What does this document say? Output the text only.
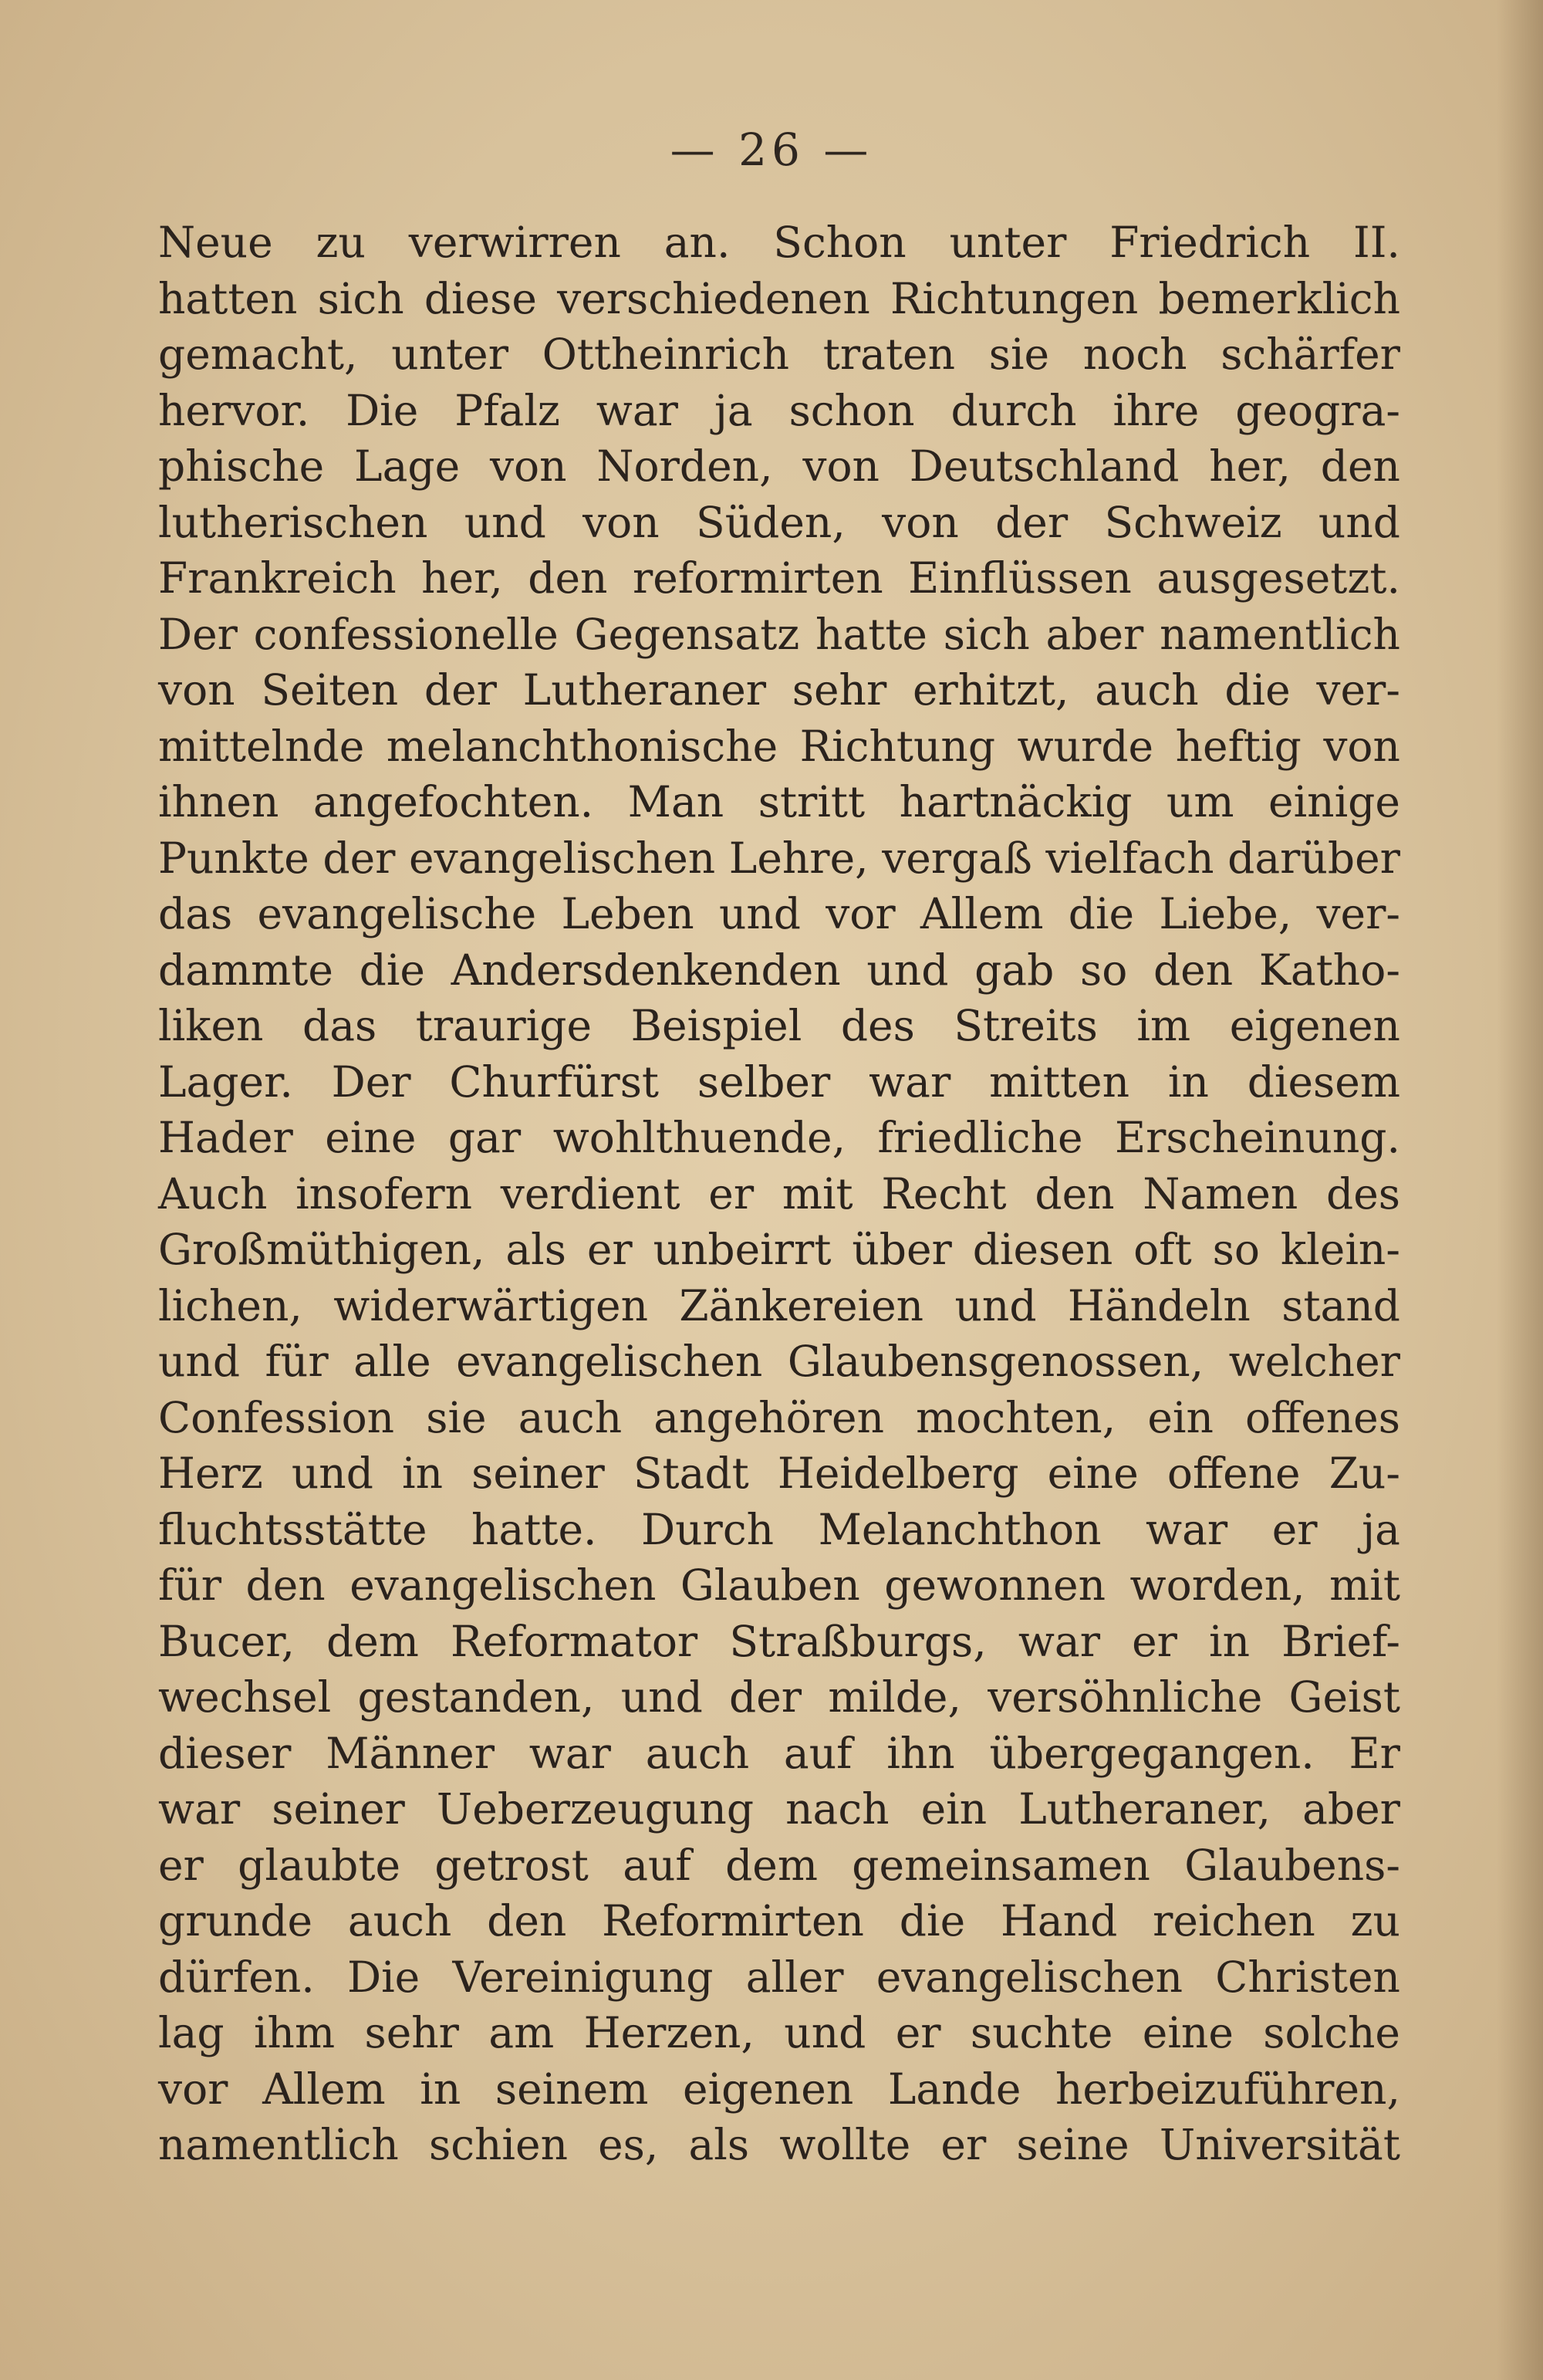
— 26 —
Neue zu verwirren an. Schon unter Friedrich II.
hatten sich diese verschiedenen Richtungen bemerklich
gemacht, unter Ottheinrich traten sie noch schärfer
hervor. Die Pfalz war ja schon durch ihre geogra-
phische Lage von Norden, von Deutschland her, den
lutherischen und von Süden, von der Schweiz und
Frankreich her, den reformirten Einflüssen ausgesetzt.
Der confessionelle Gegensatz hatte sich aber namentlich
von Seiten der Lutheraner sehr erhitzt, auch die ver-
mittelnde melanchthonische Richtung wurde heftig von
ihnen angefochten. Man stritt hartnäckig um einige
Punkte der evangelischen Lehre, vergaß vielfach darüber
das evangelische Leben und vor Allem die Liebe, ver-
dammte die Andersdenkenden und gab so den Katho-
liken das traurige Beispiel des Streits im eigenen
Lager. Der Churfürst selber war mitten in diesem
Hader eine gar wohlthuende, friedliche Erscheinung.
Auch insofern verdient er mit Recht den Namen des
Großmüthigen, als er unbeirrt über diesen oft so klein-
lichen, widerwärtigen Zänkereien und Händeln stand
und für alle evangelischen Glaubensgenossen, welcher
Confession sie auch angehören mochten, ein offenes
Herz und in seiner Stadt Heidelberg eine offene Zu-
fluchtsstätte hatte. Durch Melanchthon war er ja
für den evangelischen Glauben gewonnen worden, mit
Bucer, dem Reformator Straßburgs, war er in Brief-
wechsel gestanden, und der milde, versöhnliche Geist
dieser Männer war auch auf ihn übergegangen. Er
war seiner Ueberzeugung nach ein Lutheraner, aber
er glaubte getrost auf dem gemeinsamen Glaubens-
grunde auch den Reformirten die Hand reichen zu
dürfen. Die Vereinigung aller evangelischen Christen
lag ihm sehr am Herzen, und er suchte eine solche
vor Allem in seinem eigenen Lande herbeizuführen,
namentlich schien es, als wollte er seine Universität
